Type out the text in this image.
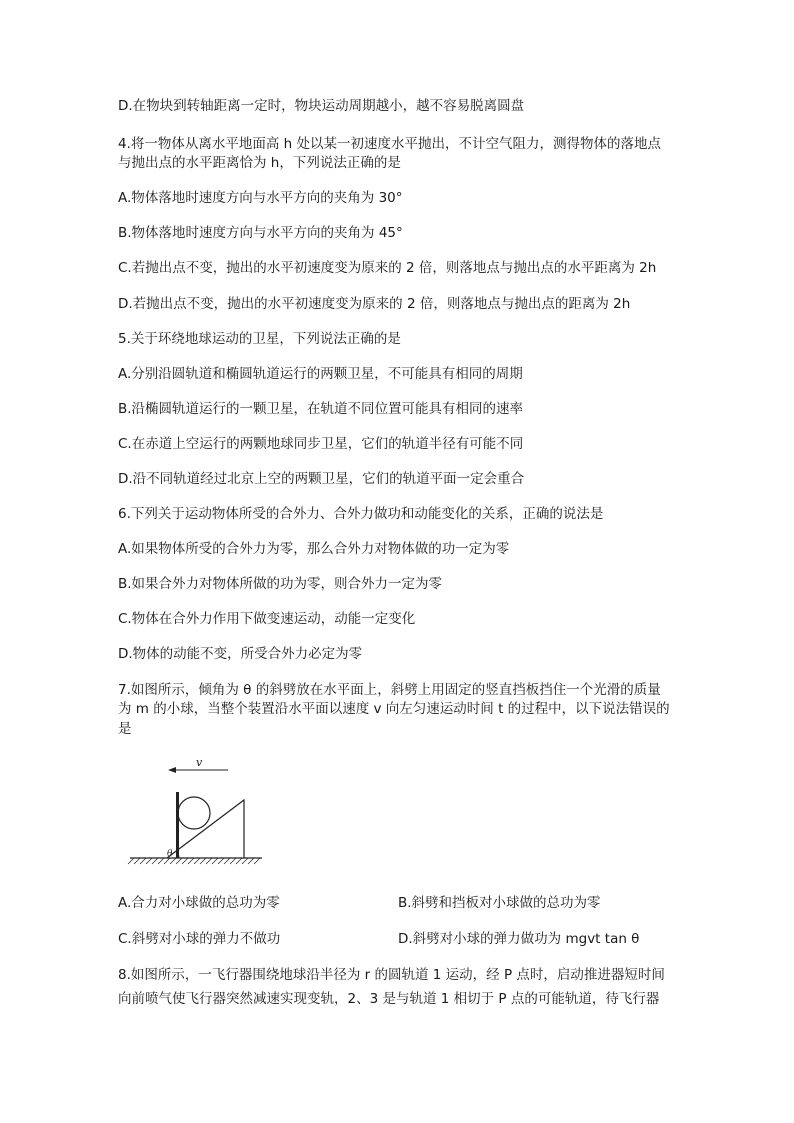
D.在物块到转轴距离一定时，物块运动周期越小，越不容易脱离圆盘

4.将一物体从离水平地面高 h 处以某一初速度水平抛出，不计空气阻力，测得物体的落地点

与抛出点的水平距离恰为 h，下列说法正确的是

A.物体落地时速度方向与水平方向的夹角为 30°

B.物体落地时速度方向与水平方向的夹角为 45°

C.若抛出点不变，抛出的水平初速度变为原来的 2 倍，则落地点与抛出点的水平距离为 2h

D.若抛出点不变，抛出的水平初速度变为原来的 2 倍，则落地点与抛出点的距离为 2h

5.关于环绕地球运动的卫星，下列说法正确的是

A.分别沿圆轨道和椭圆轨道运行的两颗卫星，不可能具有相同的周期

B.沿椭圆轨道运行的一颗卫星，在轨道不同位置可能具有相同的速率

C.在赤道上空运行的两颗地球同步卫星，它们的轨道半径有可能不同

D.沿不同轨道经过北京上空的两颗卫星，它们的轨道平面一定会重合

6.下列关于运动物体所受的合外力、合外力做功和动能变化的关系，正确的说法是

A.如果物体所受的合外力为零，那么合外力对物体做的功一定为零

B.如果合外力对物体所做的功为零，则合外力一定为零

C.物体在合外力作用下做变速运动，动能一定变化

D.物体的动能不变，所受合外力必定为零

7.如图所示，倾角为 θ 的斜劈放在水平面上，斜劈上用固定的竖直挡板挡住一个光滑的质量

为 m 的小球，当整个装置沿水平面以速度 v 向左匀速运动时间 t 的过程中，以下说法错误的

是

v
θ

A.合力对小球做的总功为零	B.斜劈和挡板对小球做的总功为零

C.斜劈对小球的弹力不做功	D.斜劈对小球的弹力做功为 mgvt tan θ

8.如图所示，一飞行器围绕地球沿半径为 r 的圆轨道 1 运动，经 P 点时，启动推进器短时间

向前喷气使飞行器突然减速实现变轨，2、3 是与轨道 1 相切于 P 点的可能轨道，待飞行器
